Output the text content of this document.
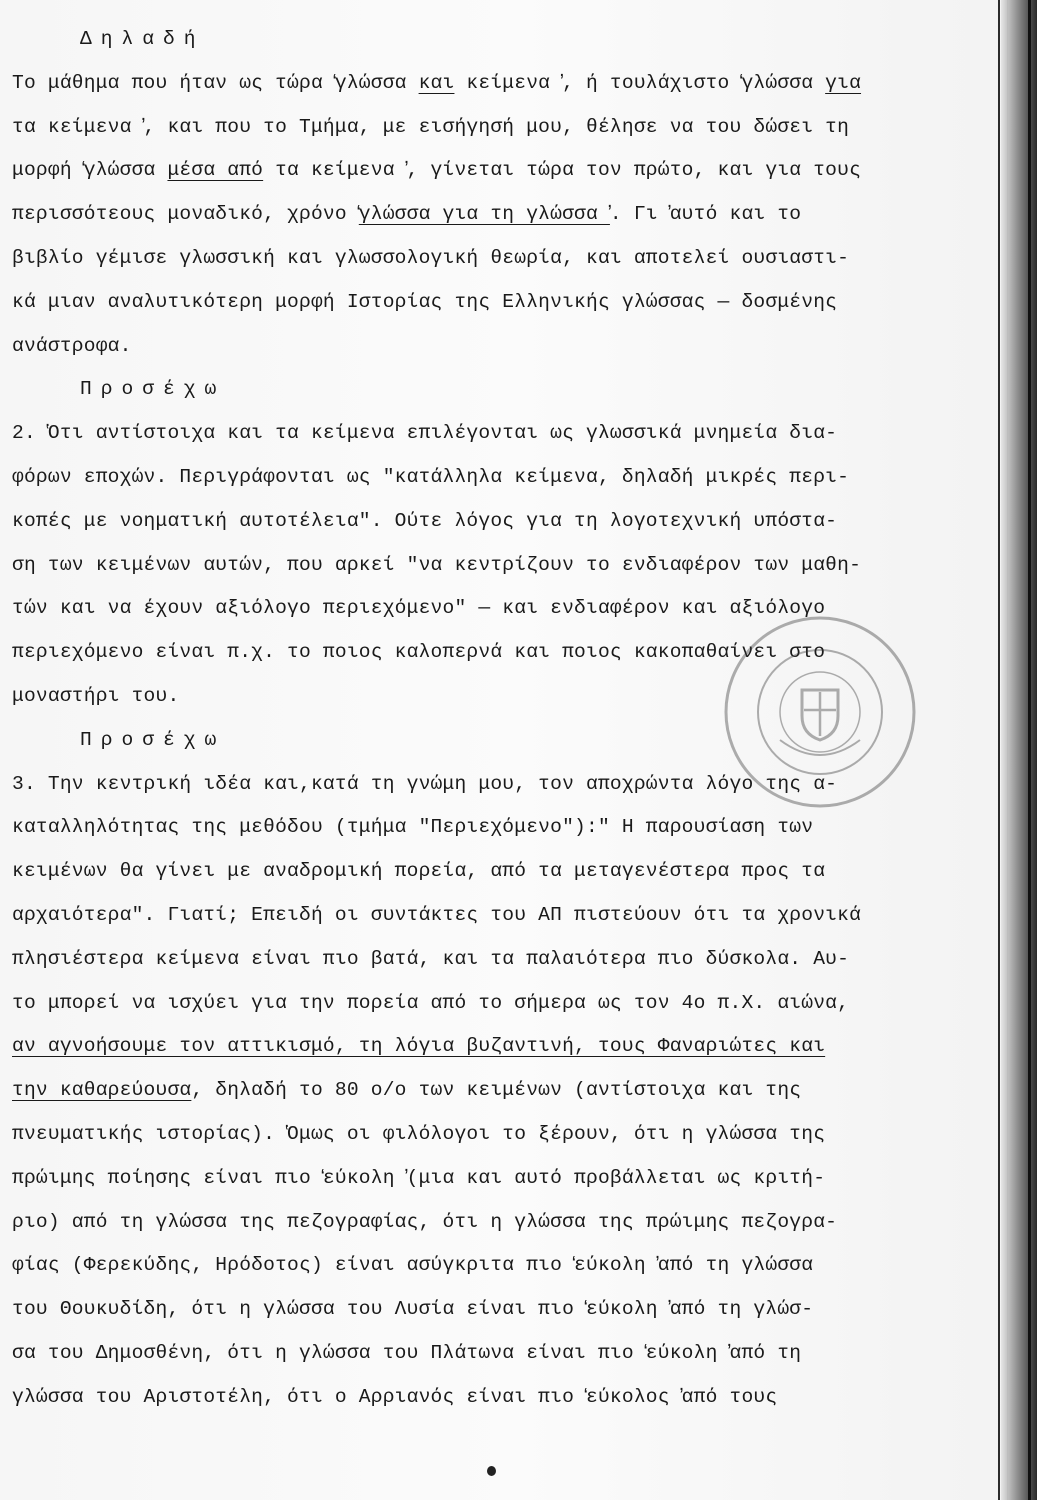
Δηλαδή
Το μάθημα που ήταν ως τώρα ̒γλώσσα και κείμενα ̓, ή τουλάχιστο ̒γλώσσα για
τα κείμενα ̓, και που το Τμήμα, με εισήγησή μου, θέλησε να του δώσει τη
μορφή ̒γλώσσα μέσα από τα κείμενα ̓, γίνεται τώρα τον πρώτο, και για τους
περισσότεους μοναδικό, χρόνο ̒γλώσσα για τη γλώσσα ̓. Γι ̓αυτό και το
βιβλίο γέμισε γλωσσική και γλωσσολογική θεωρία, και αποτελεί ουσιαστι-
κά μιαν αναλυτικότερη μορφή Ιστορίας της Ελληνικής γλώσσας — δοσμένης
ανάστροφα.
Προσέχω
2. ̔Οτι αντίστοιχα και τα κείμενα επιλέγονται ως γλωσσικά μνημεία δια-
φόρων εποχών. Περιγράφονται ως "κατάλληλα κείμενα, δηλαδή μικρές περι-
κοπές με νοηματική αυτοτέλεια". Ούτε λόγος για τη λογοτεχνική υπόστα-
ση των κειμένων αυτών, που αρκεί "να κεντρίζουν το ενδιαφέρον των μαθη-
τών και να έχουν αξιόλογο περιεχόμενο" — και ενδιαφέρον και αξιόλογο
περιεχόμενο είναι π.χ. το ποιος καλοπερνά και ποιος κακοπαθαίνει στο
μοναστήρι του.
Προσέχω
3. Την κεντρική ιδέα και,κατά τη γνώμη μου, τον αποχρώντα λόγο της α-
καταλληλότητας της μεθόδου (τμήμα "Περιεχόμενο"):" Η παρουσίαση των
κειμένων θα γίνει με αναδρομική πορεία, από τα μεταγενέστερα προς τα
αρχαιότερα". Γιατί; Επειδή οι συντάκτες του ΑΠ πιστεύουν ότι τα χρονικά
πλησιέστερα κείμενα είναι πιο βατά, και τα παλαιότερα πιο δύσκολα. Αυ-
το μπορεί να ισχύει για την πορεία από το σήμερα ως τον 4ο π.Χ. αιώνα,
αν αγνοήσουμε τον αττικισμό, τη λόγια βυζαντινή, τους Φαναριώτες και
την καθαρεύουσα, δηλαδή το 80 ο/ο των κειμένων (αντίστοιχα και της
πνευματικής ιστορίας). ̔Ομως οι φιλόλογοι το ξέρουν, ότι η γλώσσα της
πρώιμης ποίησης είναι πιο ̒εύκολη ̓(μια και αυτό προβάλλεται ως κριτή-
ριο) από τη γλώσσα της πεζογραφίας, ότι η γλώσσα της πρώιμης πεζογρα-
φίας (Φερεκύδης, Ηρόδοτος) είναι ασύγκριτα πιο ̒εύκολη ̓από τη γλώσσα
του Θουκυδίδη, ότι η γλώσσα του Λυσία είναι πιο ̒εύκολη ̓από τη γλώσ-
σα του Δημοσθένη, ότι η γλώσσα του Πλάτωνα είναι πιο ̒εύκολη ̓από τη
γλώσσα του Αριστοτέλη, ότι ο Αρριανός είναι πιο ̒εύκολος ̓από τους
